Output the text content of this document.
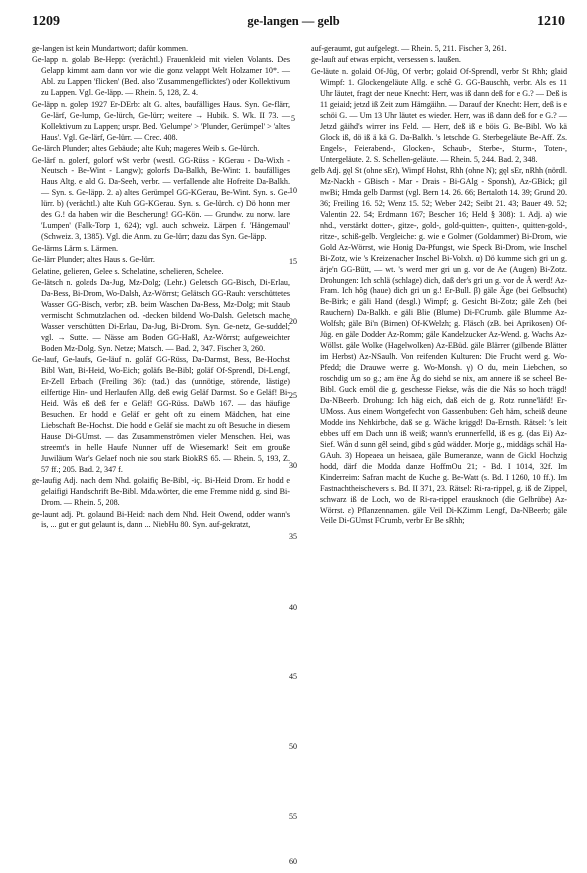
1209	ge-langen — gelb	1210

ge-langen ist kein Mundartwort; dafür kommen.

Ge-lapp n. golab Be-Hepp: (verächtl.) Frauenkleid mit vielen Volants. Des Gelapp kimmt aam dann vor wie die gonz velappt Welt Holzamer 10*. — Abl. zu Lappen 'flicken' (Bed. also 'Zusammengeflicktes') oder Kollektivum zu Lappen. Vgl. Ge-läpp. — Rhein. 5, 128, Z. 4.

Ge-läpp n. golep 1927 Er-DErb: alt G. altes, baufälliges Haus. Syn. Ge-flärr, Ge-lärf, Ge-lump, Ge-lürch, Ge-lürr; weitere → Hubik. S. Wk. II 73. — Kollektivum zu Lappen; urspr. Bed. 'Gelumpe' > 'Plunder, Gerümpel' > 'altes Haus'. Vgl. Ge-lärf, Ge-lürr. — Crec. 408.

Ge-lärch Plunder; altes Gebäude; alte Kuh; mageres Weib s. Ge-lürch.

Ge-lärf n. golerf, golorf wSt verbr (westl. GG-Rüss - KGerau - Da-Wixh - Neutsch - Be-Wint - Langw); golorfs Da-Balkh, Be-Wint: 1. baufälliges Haus Altg. e ald G. Da-Seeh, verbr. — verfallende alte Hofreite Da-Balkh. — Syn. s. Ge-läpp. 2. a) altes Gerümpel GG-KGerau, Be-Wint. Syn. s. Ge-lürr. b) (verächtl.) alte Kuh GG-KGerau. Syn. s. Ge-lürch. c) Dö honn mer des G.! da haben wir die Bescherung! GG-Kön. — Grundw. zu norw. lare 'Lumpen' (Falk-Torp 1, 624); vgl. auch schweiz. Lärpen f. 'Hängemaul' (Schweiz. 3, 1385). Vgl. die Anm. zu Ge-lürr; dazu das Syn. Ge-läpp.

Ge-lärms Lärm s. Lärmen.

Ge-lärr Plunder; altes Haus s. Ge-lürr.

Gelatine, gelieren, Gelee s. Schelatine, schelieren, Schelee.

Ge-lätsch n. golεds Da-Jug, Mz-Dolg; (Lehr.) Geletsch GG-Bisch, Di-Erlau, Da-Bess, Bi-Drom, Wo-Dalsh, Az-Wörrst; Gelätsch GG-Rauh: verschüttetes Wasser GG-Bisch, verbr; zB. beim Waschen Da-Bess, Mz-Dolg; mit Staub vermischt Schmutzlachen od. -decken bildend Wo-Dalsh. Geletsch mache Wasser verschütten Di-Erlau, Da-Jug, Bi-Drom. Syn. Ge-netz, Ge-suddel; vgl. → Sutte. — Nässe am Boden GG-Haßl, Az-Wörrst; aufgeweichter Boden Mz-Dolg. Syn. Netze; Matsch. — Bad. 2, 347. Fischer 3, 260.

Ge-lauf, Ge-laufs, Ge-läuf n. golăf GG-Rüss, Da-Darmst, Bess, Be-Hochst Bibl Watt, Bi-Heid, Wo-Eich; goläfs Be-Bibl; goläf Of-Sprendl, Di-Lengf, Er-Zell Erbach (Freiling 36): (tad.) das (unnötige, störende, lästige) eilfertige Hin- und Herlaufen Allg. deß ewig Geläf Darmst. So e Geläf! Bi-Heid. Wås eß deß fer e Geläf! GG-Rüss. DaWb 167. — das häufige Besuchen. Er hodd e Geläf er geht oft zu einem Mädchen, hat eine Liebschaft Be-Hochst. Die hodd e Geläf sie macht zu oft Besuche in diesem Hause Di-GUmst. — das Zusammenströmen vieler Menschen. Hei, was streemt's in helle Haufe Nunner uff de Wiesemark! Seit em grouße Juwiläum War's Gelaef noch nie sou stark BiokRS 65. — Rhein. 5, 193, Z. 57 ff.; 205. Bad. 2, 347 f.

ge-laufig Adj. nach dem Nhd. golaifiç Be-Bibl, -iç. Bi-Heid Drom. Er hodd e gelaifigi Handschrift Be-Bibl. Mda.wörter, die eme Fremme nidd g. sind Bi-Drom. — Rhein. 5, 208.

ge-launt adj. Pt. golaund Bi-Heid: nach dem Nhd. Heit Owend, odder wann's is, ... gut er gut gelaunt is, dann ... NiebHu 80. Syn. auf-gekratzt,

5
10
15
20
25
30
35
40
45
50
55
60

auf-geraumt, gut aufgelegt. — Rhein. 5, 211. Fischer 3, 261.

ge-lauſt auf etwas erpicht, versessen s. laußen.

Ge-läute n. golaid Of-Jüg, Of verbr; golaid Of-Sprendl, verbr St Rhh; glaid Wimpf: 1. Glockengeläute Allg. e schê G. GG-Bauschh, verbr. Als es 11 Uhr läutet, fragt der neue Knecht: Herr, was iß dann deß for e G.? — Deß is 11 geiaid; jetzd iß Zeit zum Hämgäihn. — Darauf der Knecht: Herr, deß is e schöi G. — Um 13 Uhr läutet es wieder. Herr, was iß dann deß for e G.? — Jetzd gäihd's wirrer ins Feld. — Herr, deß iß e böis G. Be-Bibl. Wo kä Glock iß, dö iß ä kä G. Da-Balkh. 's letschde G. Sterbegeläute Be-Aff. Zs. Engels-, Feierabend-, Glocken-, Schaub-, Sterbe-, Sturm-, Toten-, Untergeläute. 2. S. Schellen-geläute. — Rhein. 5, 244. Bad. 2, 348.

gelb Adj. gęl St (ohne sEr), Wimpf Hohst, Rhh (ohne N); gęl sEr, nRhh (nördl. Mz-Nackh - GBisch - Mar - Drais - Bi-GAlg - Sponsh), Az-GBick; gil nwBi; Hmda gelb Darmst (vgl. Bern 14. 26. 66; Bertaloth 14. 39; Grund 20. 36; Freiling 16. 52; Wenz 15. 52; Weber 242; Seibt 21. 43; Bauer 49. 52; Valentin 22. 54; Erdmann 167; Bescher 16; Held § 308): 1. Adj. a) wie nhd., verstärkt dotter-, gitze-, gold-, gold-quitten-, quitten-, quitten-gold-, ritze-, schiß-gelb. Vergleiche: g. wie e Golmer (Goldammer) Bi-Drom, wie Gold Az-Wörrst, wie Honig Da-Pfungst, wie Speck Bi-Drom, wie Inschel Bi-Zotz, wie 's Kreizenacher Inschel Bi-Volxh. α) Dö kumme sich gri un g. ärje'n GG-Bütt, — wt. 's werd mer gri un g. vor de Ae (Augen) Bi-Zotz. Drohungen: Ich schlä (schlage) dich, daß der's gri un g. vor de Ä werd! Az-Fram. Ich hôg (haue) dich gri un g.! Er-Bull. β) gäle Äge (bei Gelbsucht) Be-Birk; e gäli Hand (desgl.) Wimpf; g. Gesicht Bi-Zotz; gäle Zeh (bei Rauchern) Da-Balkh. e gäli Blie (Blume) Di-FCrumb. gäle Blumme Az-Wolfsh; gäle Bi'n (Birnen) Of-KWelzh; g. Fläsch (zB. bei Aprikosen) Of-Jüg. en gäle Dodder Az-Romm; gäle Kandelzucker Az-Wend. g. Wachs Az-Wöllst. gäle Wolke (Hagelwolken) Az-EBüd. gäle Blärrer (gilbende Blätter im Herbst) Az-NSaulh. Von reifenden Kulturen: Die Frucht werd g. Wo-Pfedd; die Drauwe werre g. Wo-Monsh. γ) O du, mein Liebchen, so roschdig um so g.; am ëne Äg do siehd se nix, am annere iß se scheel Be-Bibl. Guck emöl die g. geschesse Fiekse, wås die die Nås so hoch trägd! Da-NBeerb. Drohung: Ich häg eich, daß eich de g. Rotz runne'läfd! Er-UMoss. Aus einem Wortgefecht von Gassenbuben: Geh häm, scheiß deune Modde ins Nehkirbche, daß se g. Wäche kriggd! Da-Ernsth. Rätsel: 's leit ebbes uff em Dach unn iß weiß; wann's erunnerfelld, iß es g. (das Ei) Az-Sief. Wån d sunn gêl seind, gibd s gûd wädder. Morje g., middägs schäl Ha-GAuh. 3) Hopeaea un heisaea, gäle Bumeranze, wann de Gickl Hochzig hodd, därf die Modda danze HoffmOu 21; - Bd. I 1014, 32f. Im Kinderreim: Safran macht de Kuche g. Be-Watt (s. Bd. I 1260, 10 ff.). Im Fastnachtheischevers s. Bd. II 371, 23. Rätsel: Ri-ra-rippel, g. iß de Zippel, schwarz iß de Loch, wo de Ri-ra-rippel erausknoch (die Gelbrübe) Az-Wörrst. ε) Pflanzennamen. gäle Veil Di-KZimm Lengf, Da-NBeerb; gäle Veile Di-GUmst FCrumb, verbr Er Be sRhh;
